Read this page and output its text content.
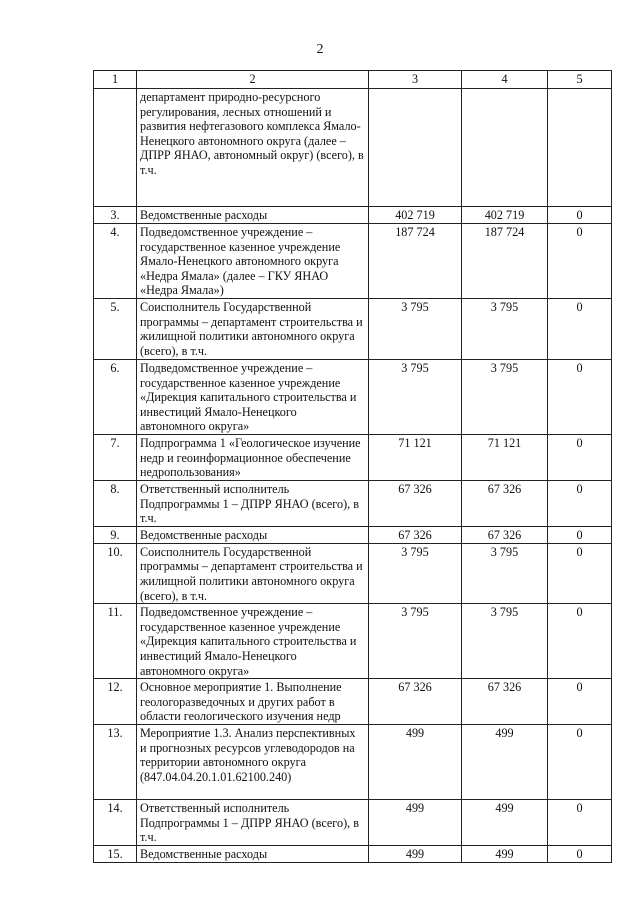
2
1	2	3	4	5
	департамент природно-ресурсного регулирования, лесных отношений и развития нефтегазового комплекса Ямало-Ненецкого автономного округа (далее – ДПРР ЯНАО, автономный округ) (всего), в т.ч.			
3.	Ведомственные расходы	402 719	402 719	0
4.	Подведомственное учреждение – государственное казенное учреждение Ямало-Ненецкого автономного округа «Недра Ямала» (далее – ГКУ ЯНАО «Недра Ямала»)	187 724	187 724	0
5.	Соисполнитель Государственной программы – департамент строительства и жилищной политики автономного округа (всего), в т.ч.	3 795	3 795	0
6.	Подведомственное учреждение – государственное казенное учреждение «Дирекция капитального строительства и инвестиций Ямало-Ненецкого автономного округа»	3 795	3 795	0
7.	Подпрограмма 1 «Геологическое изучение недр и геоинформационное обеспечение недропользования»	71 121	71 121	0
8.	Ответственный исполнитель Подпрограммы 1 – ДПРР ЯНАО (всего), в т.ч.	67 326	67 326	0
9.	Ведомственные расходы	67 326	67 326	0
10.	Соисполнитель Государственной программы – департамент строительства и жилищной политики автономного округа (всего), в т.ч.	3 795	3 795	0
11.	Подведомственное учреждение – государственное казенное учреждение «Дирекция капитального строительства и инвестиций Ямало-Ненецкого автономного округа»	3 795	3 795	0
12.	Основное мероприятие 1. Выполнение геологоразведочных и других работ в области геологического изучения недр	67 326	67 326	0
13.	Мероприятие 1.3. Анализ перспективных и прогнозных ресурсов углеводородов на территории автономного округа (847.04.04.20.1.01.62100.240)	499	499	0
14.	Ответственный исполнитель Подпрограммы 1 – ДПРР ЯНАО (всего), в т.ч.	499	499	0
15.	Ведомственные расходы	499	499	0
